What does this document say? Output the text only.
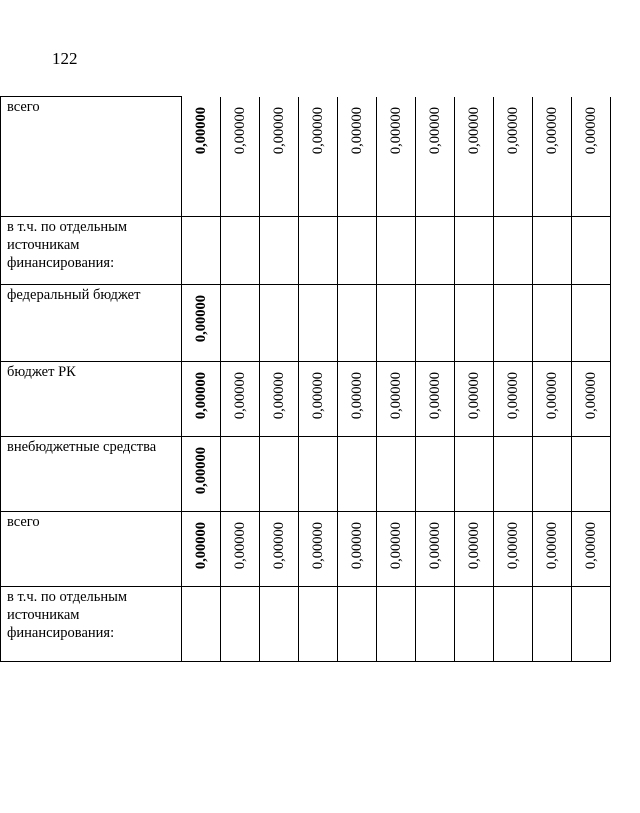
122
всего	0,00000	0,00000	0,00000	0,00000	0,00000	0,00000	0,00000	0,00000	0,00000	0,00000	0,00000

в т.ч. по отдельным источникам финансирования:	

федеральный бюджет	0,00000										

бюджет РК	0,00000	0,00000	0,00000	0,00000	0,00000	0,00000	0,00000	0,00000	0,00000	0,00000	0,00000

внебюджетные средства	0,00000										

всего	0,00000	0,00000	0,00000	0,00000	0,00000	0,00000	0,00000	0,00000	0,00000	0,00000	0,00000

в т.ч. по отдельным источникам финансирования:	
